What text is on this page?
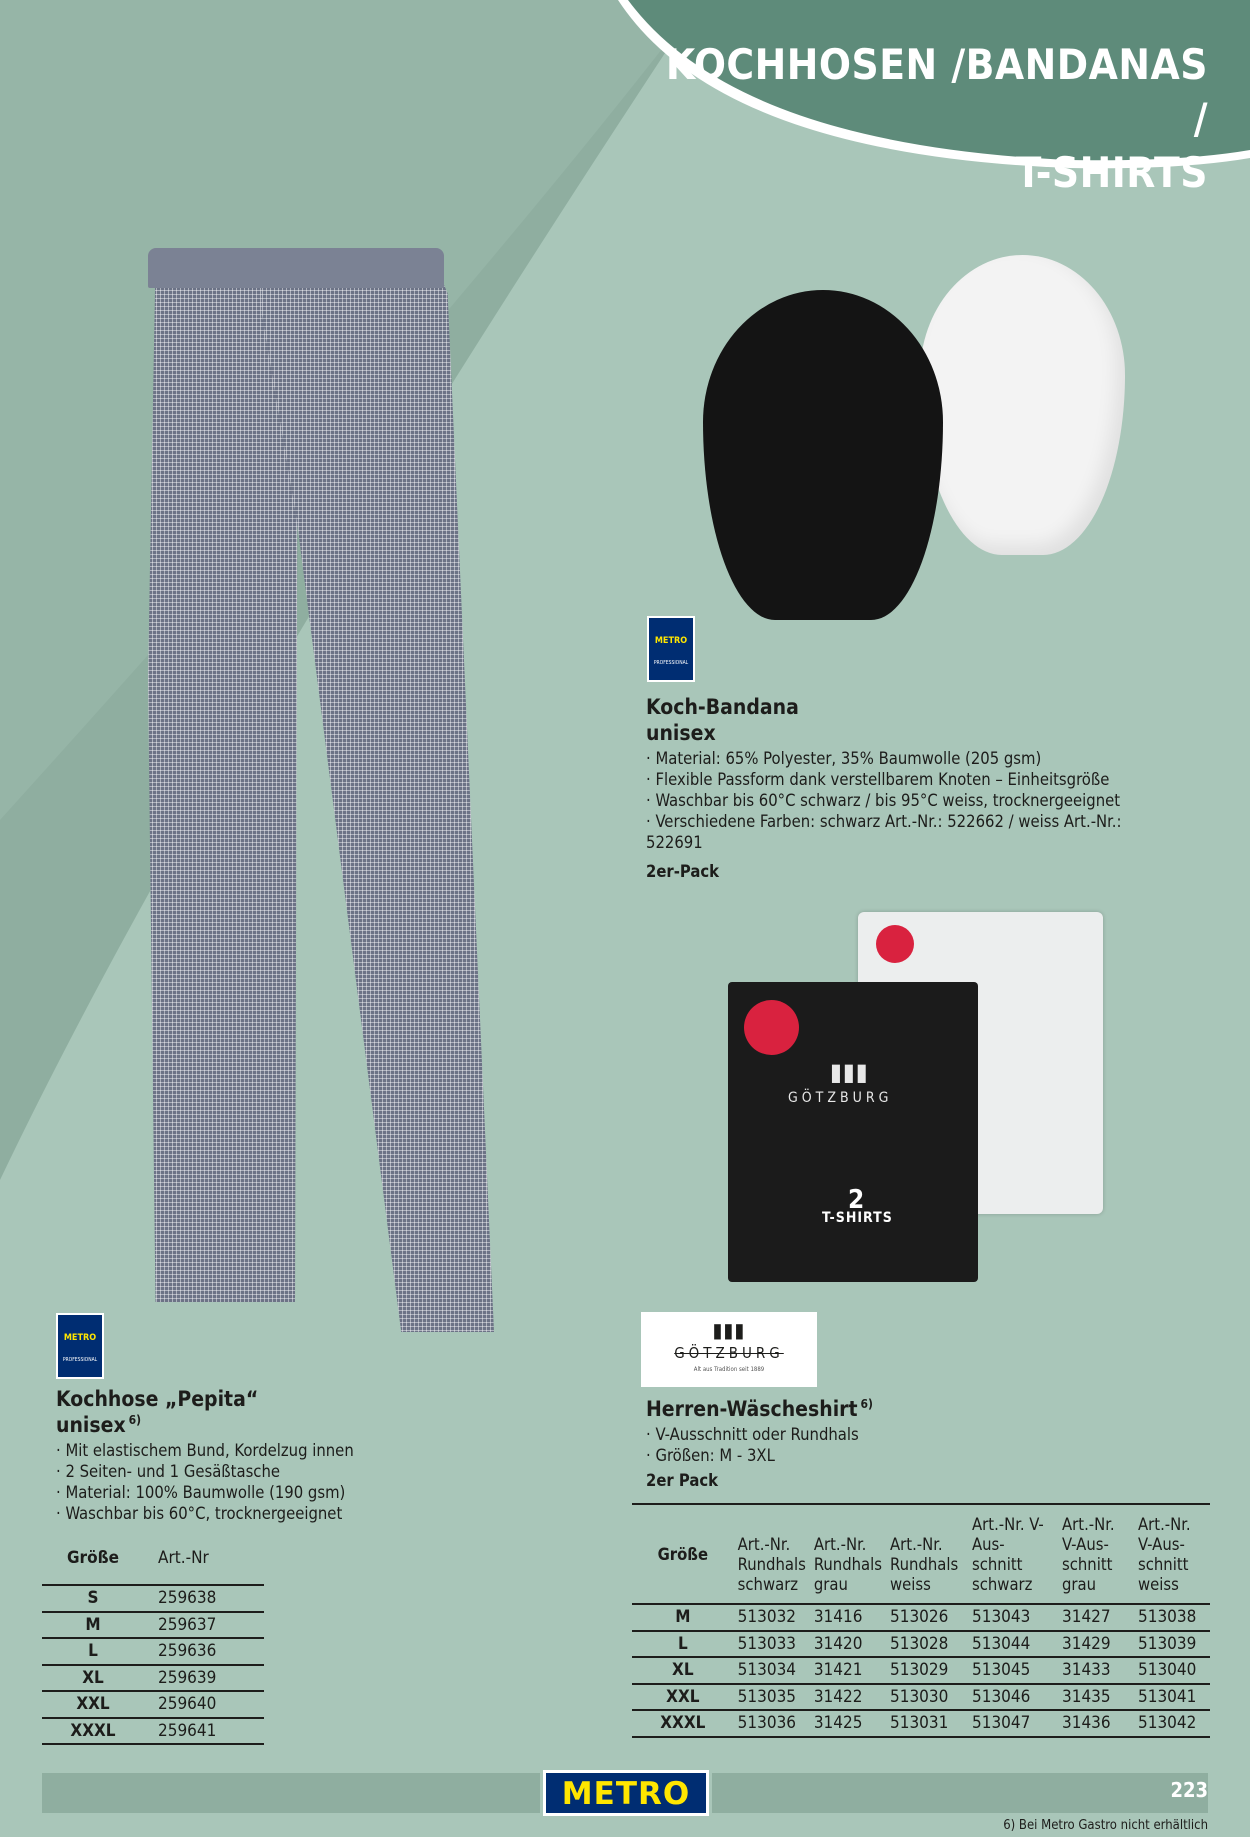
KOCHHOSEN /BANDANAS /
T-SHIRTS
▮▮▮
GÖTZBURG
2
T-SHIRTS
METRO
PROFESSIONAL
METRO
PROFESSIONAL
▮▮▮
GÖTZBURG
Alt aus Tradition seit 1889
Koch-Bandana
unisex
· Material: 65% Polyester, 35% Baumwolle (205 gsm)
· Flexible Passform dank verstellbarem Knoten – Einheitsgröße
· Waschbar bis 60°C schwarz / bis 95°C weiss, trocknergeeignet
· Verschiedene Farben: schwarz Art.-Nr.: 522662 / weiss Art.-Nr.: 522691
2er-Pack
Kochhose „Pepita“
unisex $^{6)}$
· Mit elastischem Bund, Kordelzug innen
· 2 Seiten- und 1 Gesäßtasche
· Material: 100% Baumwolle (190 gsm)
· Waschbar bis 60°C, trocknergeeignet
Größe	Art.-Nr
S	259638
M	259637
L	259636
XL	259639
XXL	259640
XXXL	259641
Herren-Wäscheshirt $^{6)}$
· V-Ausschnitt oder Rundhals
· Größen: M - 3XL
2er Pack
Größe	Art.-Nr. Rundhals schwarz	Art.-Nr. Rundhals grau	Art.-Nr. Rundhals weiss	Art.-Nr. V-Aus- schnitt schwarz	Art.-Nr. V-Aus- schnitt grau	Art.-Nr. V-Aus- schnitt weiss
M	513032	31416	513026	513043	31427	513038
L	513033	31420	513028	513044	31429	513039
XL	513034	31421	513029	513045	31433	513040
XXL	513035	31422	513030	513046	31435	513041
XXXL	513036	31425	513031	513047	31436	513042
METRO	223
6) Bei Metro Gastro nicht erhältlich
